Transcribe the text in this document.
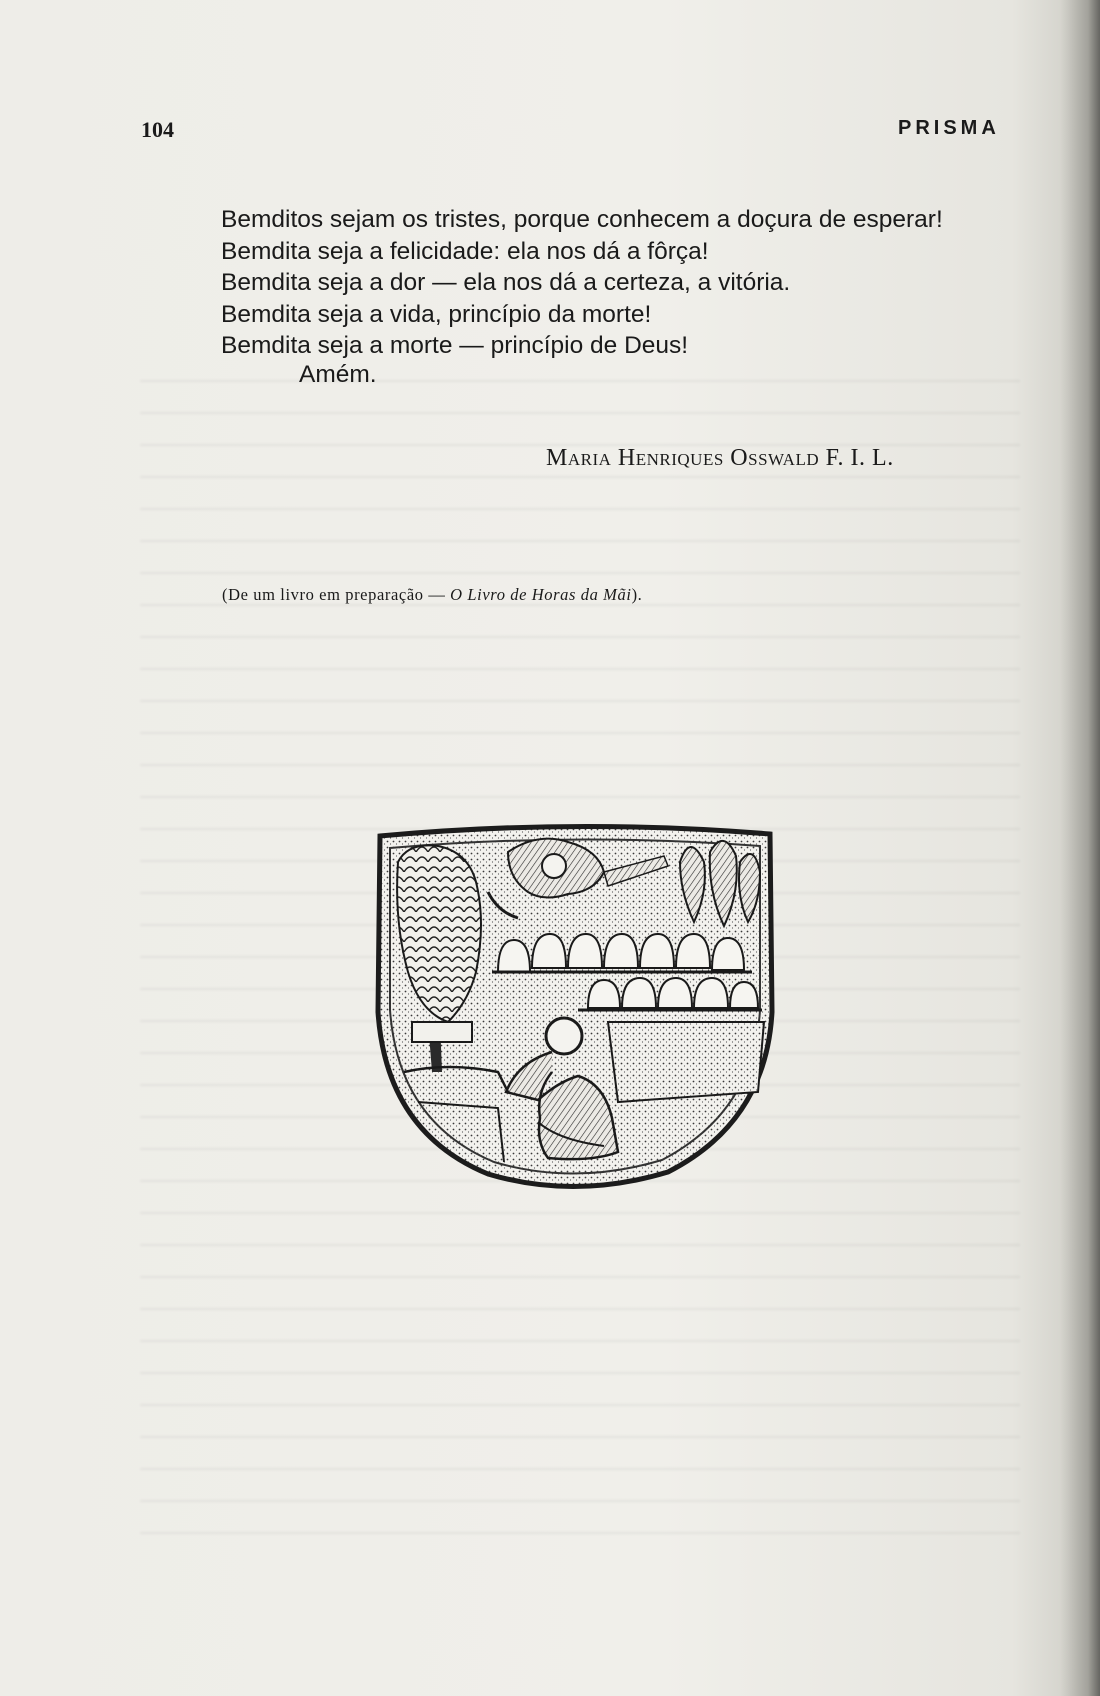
104	PRISMA
Bemditos sejam os tristes, porque conhecem a doçura de esperar!
Bemdita seja a felicidade: ela nos dá a fôrça!
Bemdita seja a dor — ela nos dá a certeza, a vitória.
Bemdita seja a vida, princípio da morte!
Bemdita seja a morte — princípio de Deus!
Amém.
Maria Henriques Osswald F. I. L.
(De um livro em preparação — O Livro de Horas da Mãi).
